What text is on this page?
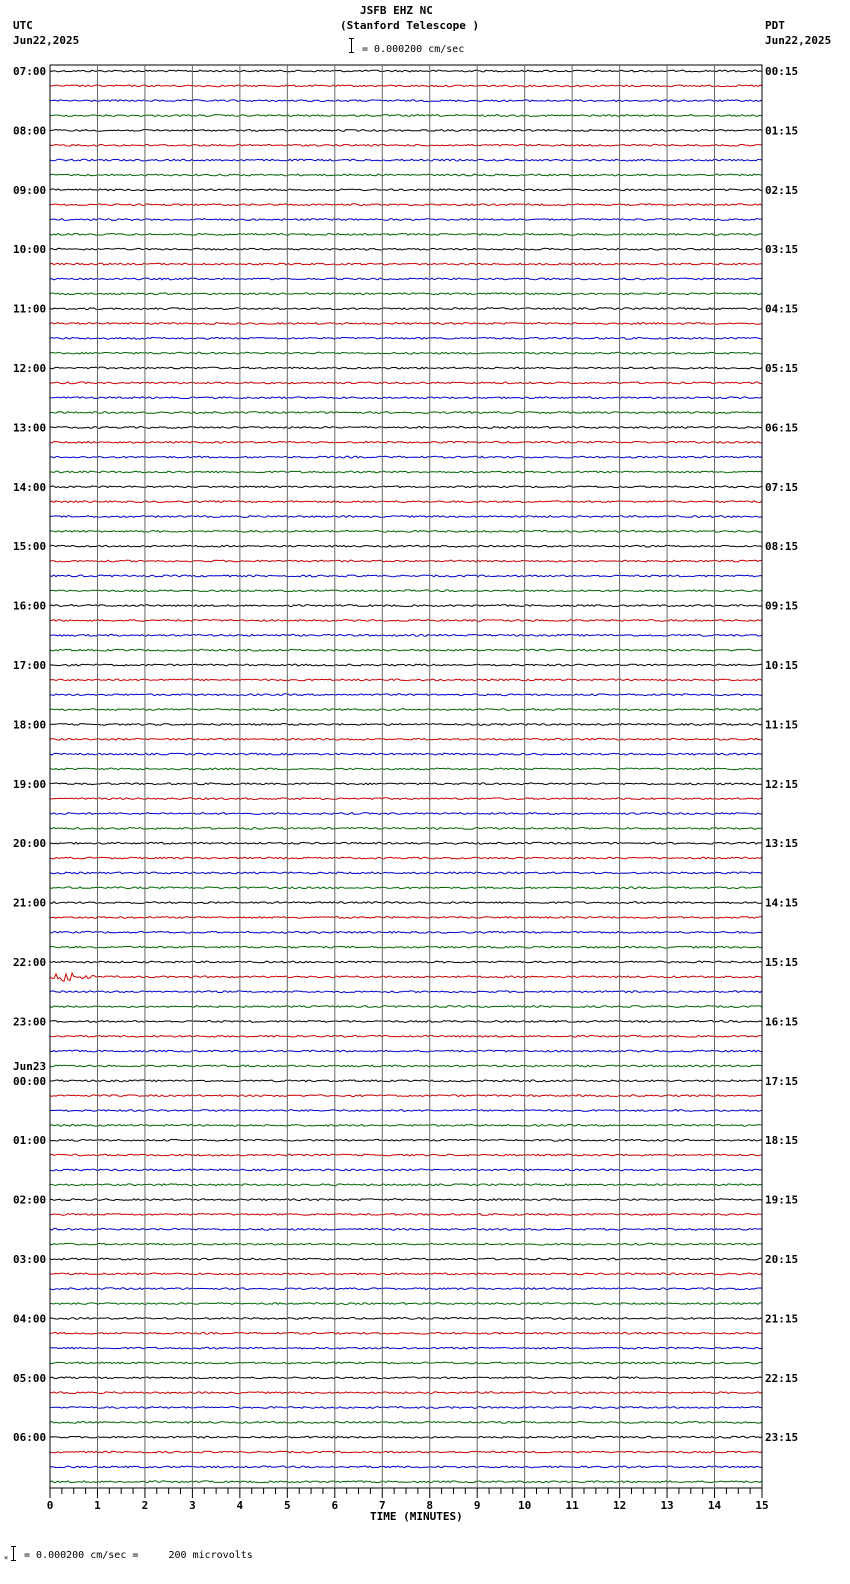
JSFB EHZ NC
(Stanford Telescope )
= 0.000200 cm/sec
UTC
Jun22,2025
PDT
Jun22,2025
0	1	2	3	4	5	6	7	8	9	10	11	12	13	14	15
07:00
08:00
09:00
10:00
11:00
12:00
13:00
14:00
15:00
16:00
17:00
18:00
19:00
20:00
21:00
22:00
23:00
00:00
Jun23
01:00
02:00
03:00
04:00
05:00
06:00
00:15
01:15
02:15
03:15
04:15
05:15
06:15
07:15
08:15
09:15
10:15
11:15
12:15
13:15
14:15
15:15
16:15
17:15
18:15
19:15
20:15
21:15
22:15
23:15
TIME (MINUTES)
× = 0.000200 cm/sec =     200 microvolts
